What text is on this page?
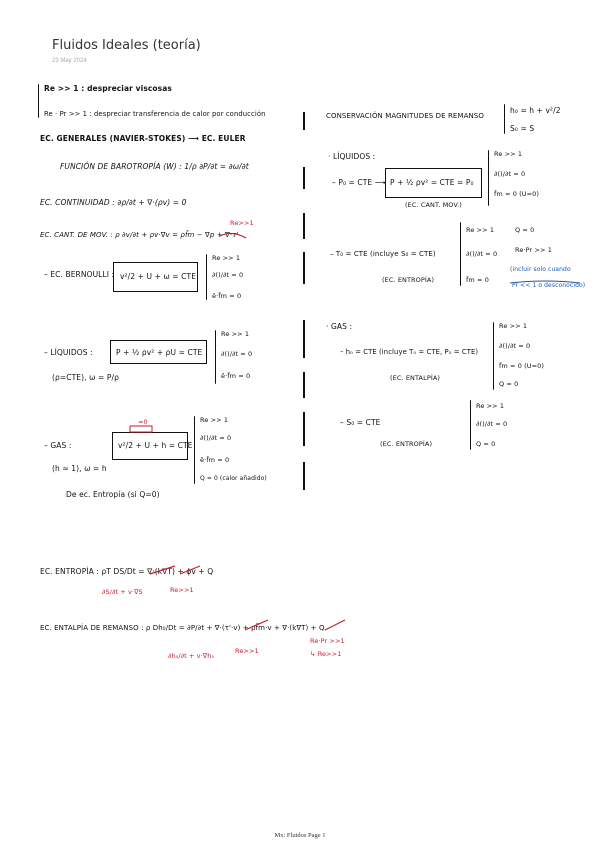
Fluidos Ideales (teoría)
23 May 2024
Re >> 1 : despreciar viscosas
Re · Pr >> 1 : despreciar transferencia de calor por conducción
EC. GENERALES (NAVIER-STOKES) ⟶ EC. EULER
FUNCIÓN DE BAROTROPÍA (W) : 1/ρ ∂P/∂t = ∂ω/∂t
EC. CONTINUIDAD : ∂ρ/∂t + ∇·(ρv) = 0
EC. CANT. DE MOV. : ρ ∂v/∂t + ρv·∇v = ρf̄m − ∇p + ∇·τ'
Re>>1
– EC. BERNOULLI : v²/2 + U + ω = CTE
Re >> 1
∂()/∂t = 0
ē·f̄m = 0
– LÍQUIDOS :	P + ½ ρv² + ρU = CTE
(ρ=CTE), ω = P/ρ
Re >> 1
∂()/∂t = 0
ē·f̄m = 0
– GAS :	v²/2 + U + h = CTE
≈0
(h ≈ 1), ω = h
De ec. Entropía (si Q=0)
Re >> 1
∂()/∂t = 0
ē·f̄m = 0
Q = 0 (calor añadido)
CONSERVACIÓN MAGNITUDES DE REMANSO
h₀ = h + v²/2
S₀ = S
· LÍQUIDOS :
– P₀ = CTE ⟶ P + ½ ρv² = CTE = P₀
(EC. CANT. MOV.)
Re >> 1
∂()/∂t = 0
f̄m = 0 (U=0)
– T₀ = CTE (incluye S₀ = CTE)
(EC. ENTROPÍA)
Re >> 1
∂()/∂t = 0
f̄m = 0
Q = 0
Re·Pr >> 1
(incluir solo cuando
Pr << 1 o desconocido)
· GAS :
– h₀ = CTE (incluye T₀ = CTE, P₀ = CTE)
(EC. ENTALPÍA)
Re >> 1
∂()/∂t = 0
f̄m = 0 (U=0)
Q = 0
– S₀ = CTE
(EC. ENTROPÍA)
Re >> 1
∂()/∂t = 0
Q = 0
EC. ENTROPÍA : ρT DS/Dt = ∇·(k∇T) + ϕv + Q
∂S/∂t + v·∇S	Re>>1
EC. ENTALPÍA DE REMANSO : ρ Dh₀/Dt = ∂P/∂t + ∇·(τ'·v) + ρf̄m·v + ∇·(k∇T) + Q
∂h₀/∂t + v·∇h₀
Re>>1
Re·Pr >>1
↳ Re>>1
Mx: Fluidos Page 1
